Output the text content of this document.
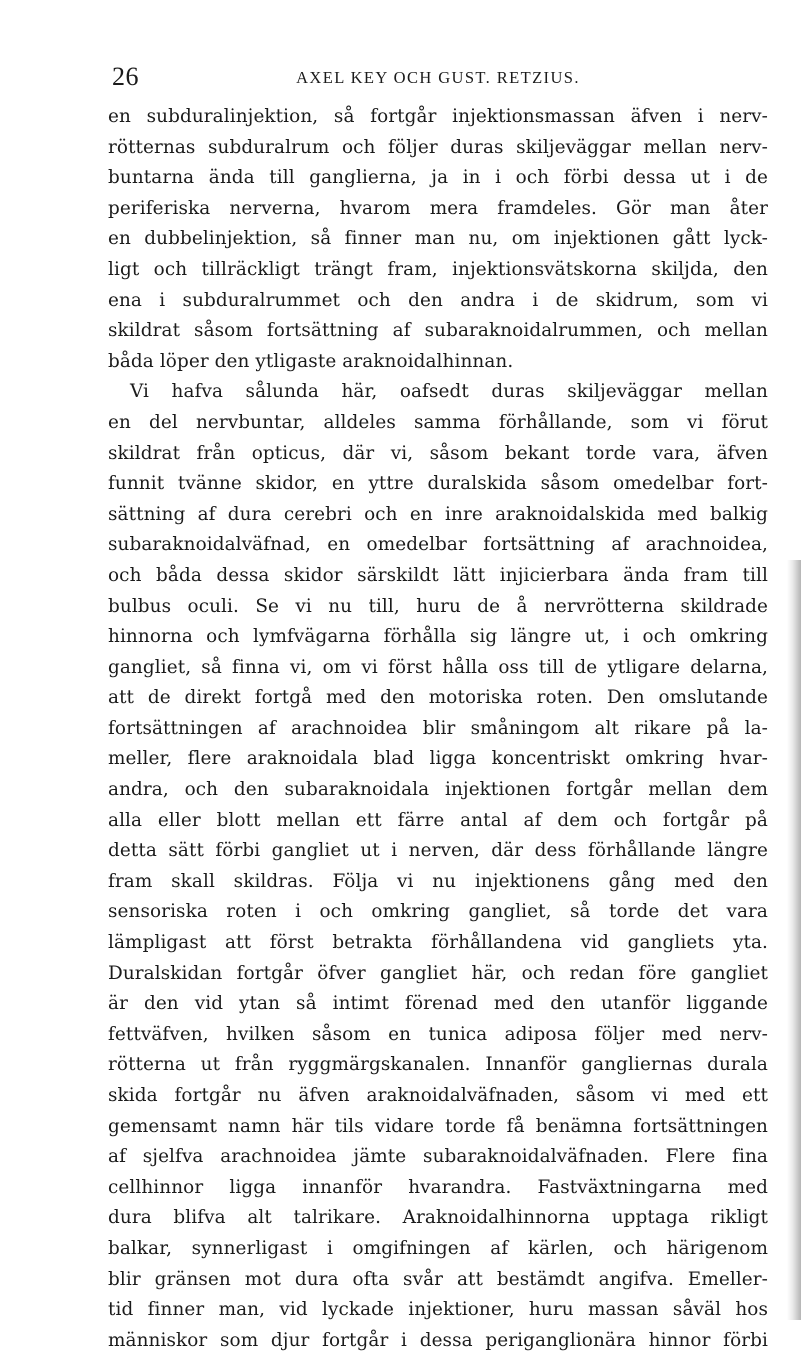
26	AXEL KEY OCH GUST. RETZIUS.
en subduralinjektion, så fortgår injektionsmassan äfven i nerv-
rötternas subduralrum och följer duras skiljeväggar mellan nerv-
buntarna ända till ganglierna, ja in i och förbi dessa ut i de
periferiska nerverna, hvarom mera framdeles. Gör man åter
en dubbelinjektion, så finner man nu, om injektionen gått lyck-
ligt och tillräckligt trängt fram, injektionsvätskorna skiljda, den
ena i subduralrummet och den andra i de skidrum, som vi
skildrat såsom fortsättning af subaraknoidalrummen, och mellan
båda löper den ytligaste araknoidalhinnan.
Vi hafva sålunda här, oafsedt duras skiljeväggar mellan
en del nervbuntar, alldeles samma förhållande, som vi förut
skildrat från opticus, där vi, såsom bekant torde vara, äfven
funnit tvänne skidor, en yttre duralskida såsom omedelbar fort-
sättning af dura cerebri och en inre araknoidalskida med balkig
subaraknoidalväfnad, en omedelbar fortsättning af arachnoidea,
och båda dessa skidor särskildt lätt injicierbara ända fram till
bulbus oculi. Se vi nu till, huru de å nervrötterna skildrade
hinnorna och lymfvägarna förhålla sig längre ut, i och omkring
gangliet, så finna vi, om vi först hålla oss till de ytligare delarna,
att de direkt fortgå med den motoriska roten. Den omslutande
fortsättningen af arachnoidea blir småningom alt rikare på la-
meller, flere araknoidala blad ligga koncentriskt omkring hvar-
andra, och den subaraknoidala injektionen fortgår mellan dem
alla eller blott mellan ett färre antal af dem och fortgår på
detta sätt förbi gangliet ut i nerven, där dess förhållande längre
fram skall skildras. Följa vi nu injektionens gång med den
sensoriska roten i och omkring gangliet, så torde det vara
lämpligast att först betrakta förhållandena vid gangliets yta.
Duralskidan fortgår öfver gangliet här, och redan före gangliet
är den vid ytan så intimt förenad med den utanför liggande
fettväfven, hvilken såsom en tunica adiposa följer med nerv-
rötterna ut från ryggmärgskanalen. Innanför gangliernas durala
skida fortgår nu äfven araknoidalväfnaden, såsom vi med ett
gemensamt namn här tils vidare torde få benämna fortsättningen
af sjelfva arachnoidea jämte subaraknoidalväfnaden. Flere fina
cellhinnor ligga innanför hvarandra. Fastväxtningarna med
dura blifva alt talrikare. Araknoidalhinnorna upptaga rikligt
balkar, synnerligast i omgifningen af kärlen, och härigenom
blir gränsen mot dura ofta svår att bestämdt angifva. Emeller-
tid finner man, vid lyckade injektioner, huru massan såväl hos
människor som djur fortgår i dessa periganglionära hinnor förbi
